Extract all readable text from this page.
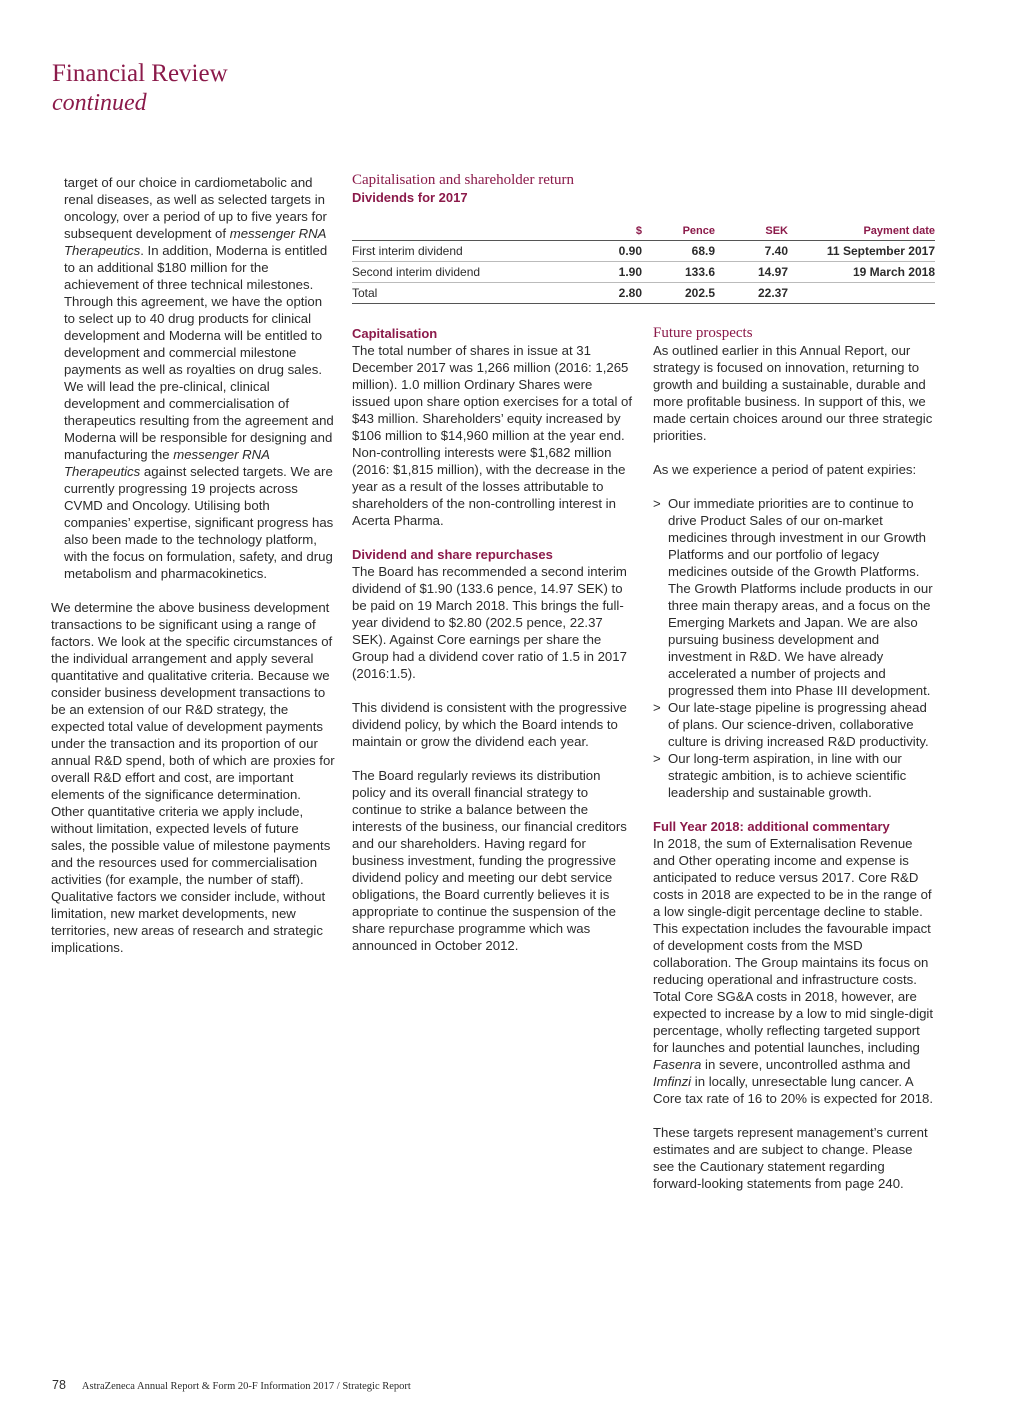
Financial Review
continued

target of our choice in cardiometabolic and renal diseases, as well as selected targets in oncology, over a period of up to five years for subsequent development of messenger RNA Therapeutics. In addition, Moderna is entitled to an additional $180 million for the achievement of three technical milestones. Through this agreement, we have the option to select up to 40 drug products for clinical development and Moderna will be entitled to development and commercial milestone payments as well as royalties on drug sales. We will lead the pre-clinical, clinical development and commercialisation of therapeutics resulting from the agreement and Moderna will be responsible for designing and manufacturing the messenger RNA Therapeutics against selected targets. We are currently progressing 19 projects across CVMD and Oncology. Utilising both companies’ expertise, significant progress has also been made to the technology platform, with the focus on formulation, safety, and drug metabolism and pharmacokinetics.

We determine the above business development transactions to be significant using a range of factors. We look at the specific circumstances of the individual arrangement and apply several quantitative and qualitative criteria. Because we consider business development transactions to be an extension of our R&D strategy, the expected total value of development payments under the transaction and its proportion of our annual R&D spend, both of which are proxies for overall R&D effort and cost, are important elements of the significance determination. Other quantitative criteria we apply include, without limitation, expected levels of future sales, the possible value of milestone payments and the resources used for commercialisation activities (for example, the number of staff). Qualitative factors we consider include, without limitation, new market developments, new territories, new areas of research and strategic implications.

Capitalisation and shareholder return
Dividends for 2017
	$	Pence	SEK	Payment date
First interim dividend	0.90	68.9	7.40	11 September 2017
Second interim dividend	1.90	133.6	14.97	19 March 2018
Total	2.80	202.5	22.37	
Capitalisation

The total number of shares in issue at 31 December 2017 was 1,266 million (2016: 1,265 million). 1.0 million Ordinary Shares were issued upon share option exercises for a total of $43 million. Shareholders’ equity increased by $106 million to $14,960 million at the year end. Non-controlling interests were $1,682 million (2016: $1,815 million), with the decrease in the year as a result of the losses attributable to shareholders of the non-controlling interest in Acerta Pharma.

Dividend and share repurchases

The Board has recommended a second interim dividend of $1.90 (133.6 pence, 14.97 SEK) to be paid on 19 March 2018. This brings the full-year dividend to $2.80 (202.5 pence, 22.37 SEK). Against Core earnings per share the Group had a dividend cover ratio of 1.5 in 2017 (2016:1.5).

This dividend is consistent with the progressive dividend policy, by which the Board intends to maintain or grow the dividend each year.

The Board regularly reviews its distribution policy and its overall financial strategy to continue to strike a balance between the interests of the business, our financial creditors and our shareholders. Having regard for business investment, funding the progressive dividend policy and meeting our debt service obligations, the Board currently believes it is appropriate to continue the suspension of the share repurchase programme which was announced in October 2012.

Future prospects

As outlined earlier in this Annual Report, our strategy is focused on innovation, returning to growth and building a sustainable, durable and more profitable business. In support of this, we made certain choices around our three strategic priorities.

As we experience a period of patent expiries:

> Our immediate priorities are to continue to drive Product Sales of our on-market medicines through investment in our Growth Platforms and our portfolio of legacy medicines outside of the Growth Platforms. The Growth Platforms include products in our three main therapy areas, and a focus on the Emerging Markets and Japan. We are also pursuing business development and investment in R&D. We have already accelerated a number of projects and progressed them into Phase III development.
> Our late-stage pipeline is progressing ahead of plans. Our science-driven, collaborative culture is driving increased R&D productivity.
> Our long-term aspiration, in line with our strategic ambition, is to achieve scientific leadership and sustainable growth.
Full Year 2018: additional commentary

In 2018, the sum of Externalisation Revenue and Other operating income and expense is anticipated to reduce versus 2017. Core R&D costs in 2018 are expected to be in the range of a low single-digit percentage decline to stable. This expectation includes the favourable impact of development costs from the MSD collaboration. The Group maintains its focus on reducing operational and infrastructure costs. Total Core SG&A costs in 2018, however, are expected to increase by a low to mid single-digit percentage, wholly reflecting targeted support for launches and potential launches, including Fasenra in severe, uncontrolled asthma and Imfinzi in locally, unresectable lung cancer. A Core tax rate of 16 to 20% is expected for 2018.

These targets represent management’s current estimates and are subject to change. Please see the Cautionary statement regarding forward-looking statements from page 240.

78 AstraZeneca Annual Report & Form 20-F Information 2017 / Strategic Report
